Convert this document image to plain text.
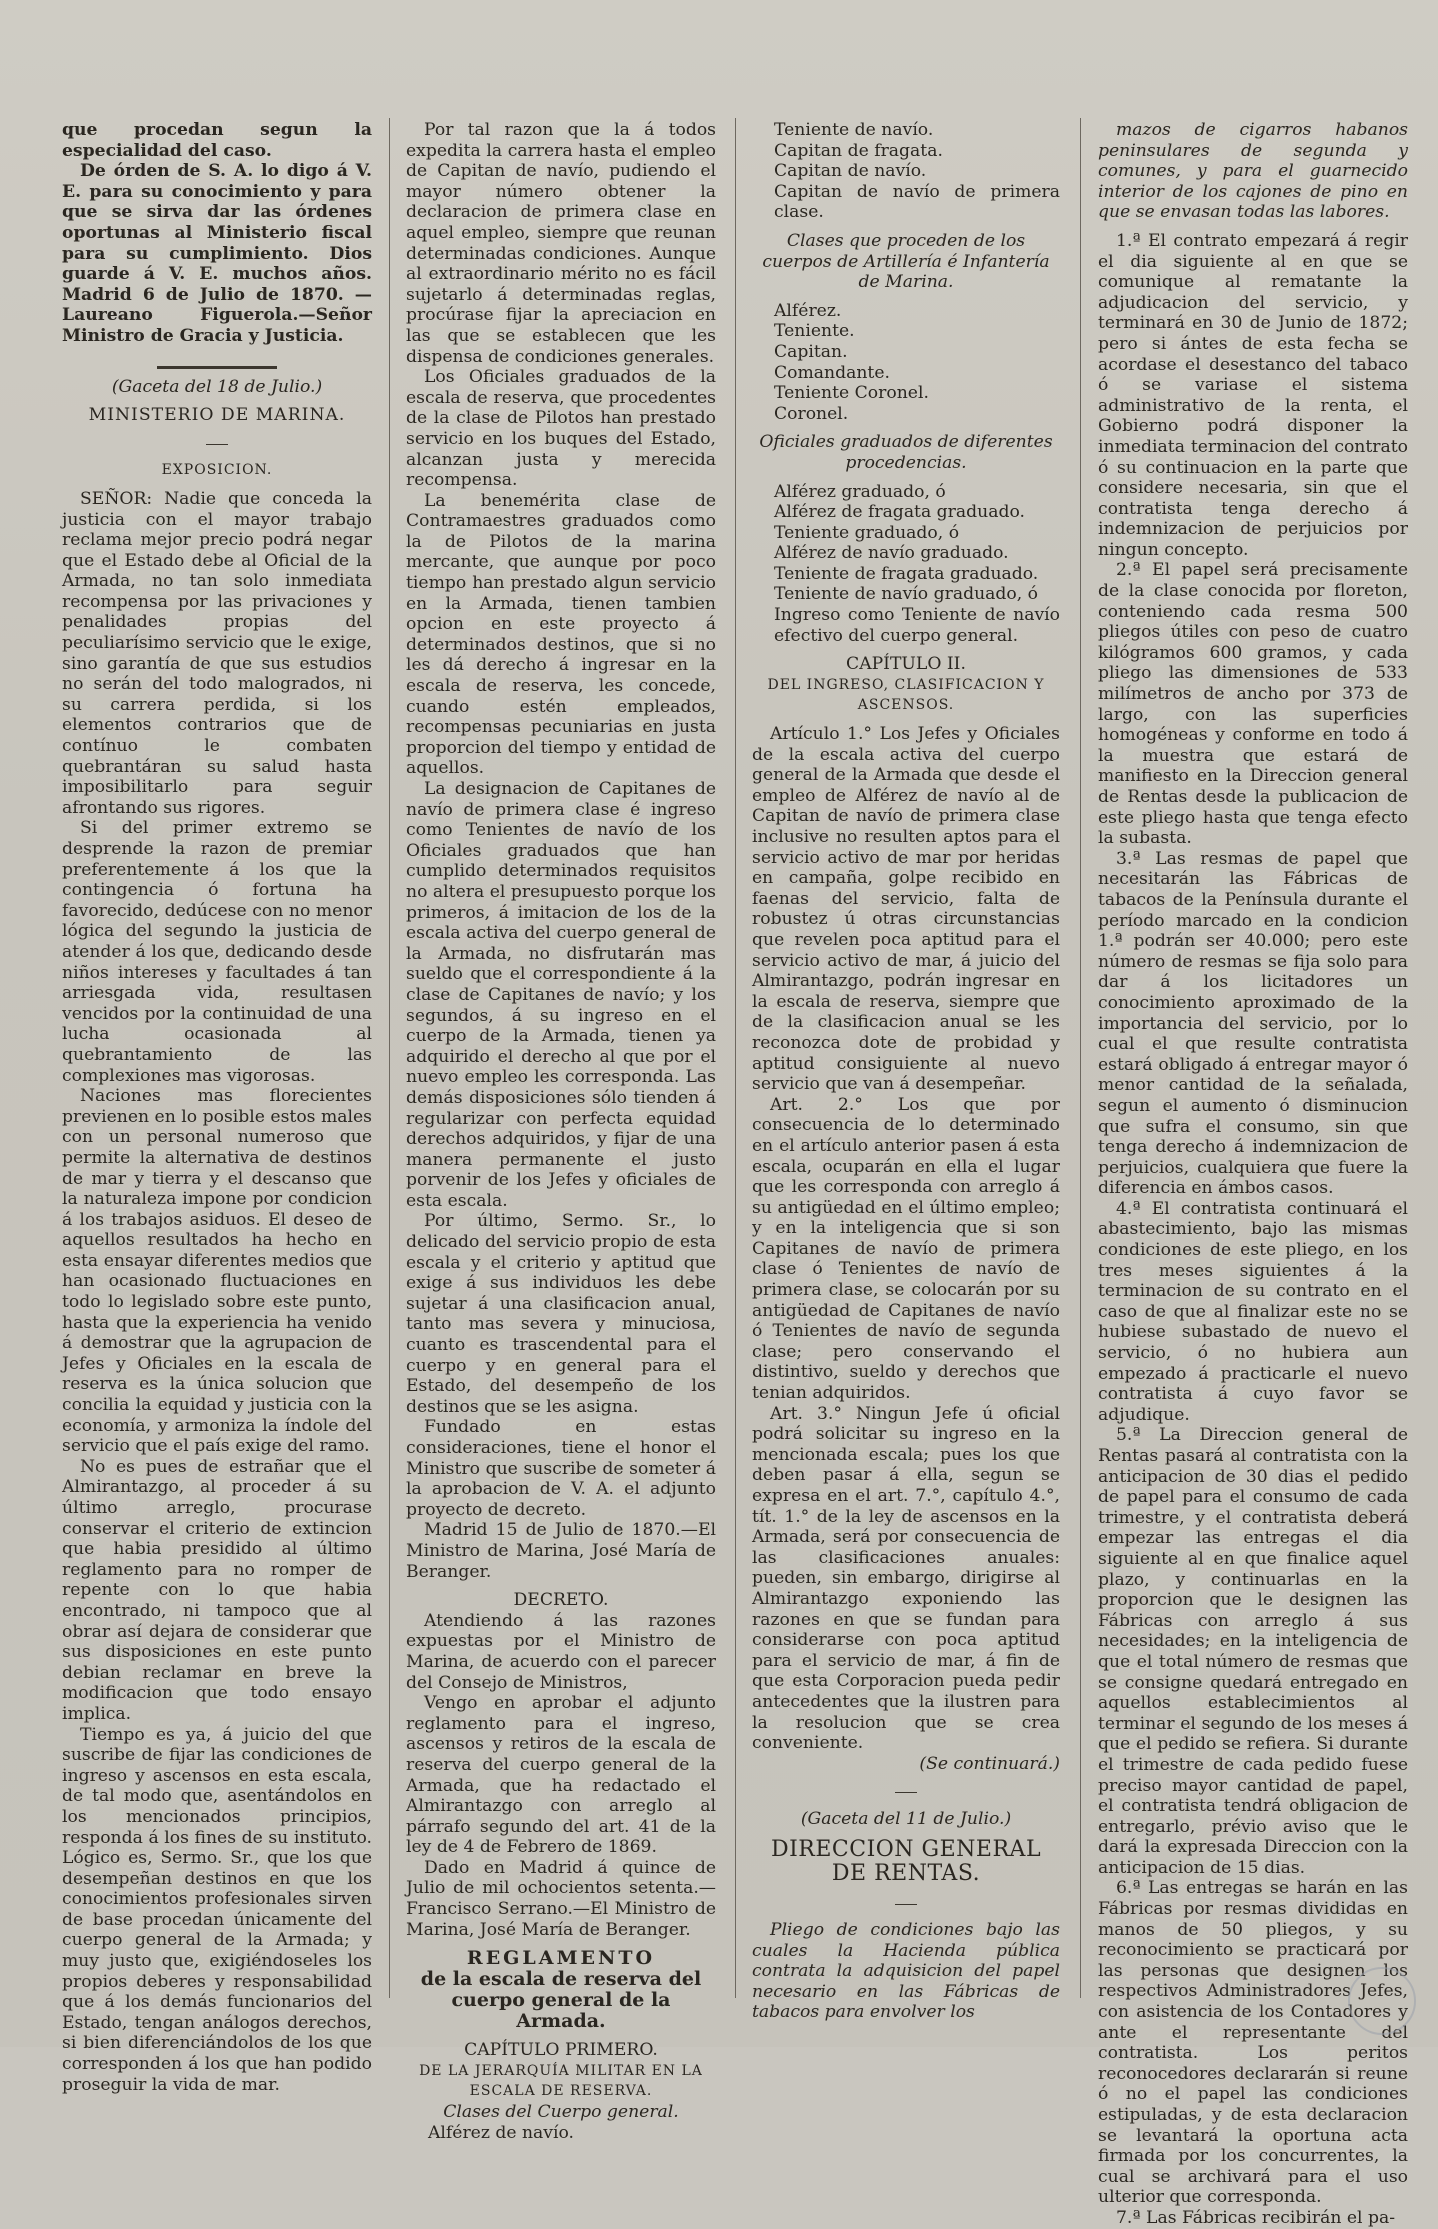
que procedan segun la especialidad del caso.

De órden de S. A. lo digo á V. E. para su conocimiento y para que se sirva dar las órdenes oportunas al Ministerio fiscal para su cumplimiento. Dios guarde á V. E. muchos años. Madrid 6 de Julio de 1870. —Laureano Figuerola.—Señor Ministro de Gracia y Justicia.

(Gaceta del 18 de Julio.)

MINISTERIO DE MARINA.

EXPOSICION.

SEÑOR: Nadie que conceda la justicia con el mayor trabajo reclama mejor precio podrá negar que el Estado debe al Oficial de la Armada, no tan solo inmediata recompensa por las privaciones y penalidades propias del peculiarísimo servicio que le exige, sino garantía de que sus estudios no serán del todo malogrados, ni su carrera perdida, si los elementos contrarios que de contínuo le combaten quebrantáran su salud hasta imposibilitarlo para seguir afrontando sus rigores.

Si del primer extremo se desprende la razon de premiar preferentemente á los que la contingencia ó fortuna ha favorecido, dedúcese con no menor lógica del segundo la justicia de atender á los que, dedicando desde niños intereses y facultades á tan arriesgada vida, resultasen vencidos por la continuidad de una lucha ocasionada al quebrantamiento de las complexiones mas vigorosas.

Naciones mas florecientes previenen en lo posible estos males con un personal numeroso que permite la alternativa de destinos de mar y tierra y el descanso que la naturaleza impone por condicion á los trabajos asiduos. El deseo de aquellos resultados ha hecho en esta ensayar diferentes medios que han ocasionado fluctuaciones en todo lo legislado sobre este punto, hasta que la experiencia ha venido á demostrar que la agrupacion de Jefes y Oficiales en la escala de reserva es la única solucion que concilia la equidad y justicia con la economía, y armoniza la índole del servicio que el país exige del ramo.

No es pues de estrañar que el Almirantazgo, al proceder á su último arreglo, procurase conservar el criterio de extincion que habia presidido al último reglamento para no romper de repente con lo que habia encontrado, ni tampoco que al obrar así dejara de considerar que sus disposiciones en este punto debian reclamar en breve la modificacion que todo ensayo implica.

Tiempo es ya, á juicio del que suscribe de fijar las condiciones de ingreso y ascensos en esta escala, de tal modo que, asentándolos en los mencionados principios, responda á los fines de su instituto. Lógico es, Sermo. Sr., que los que desempeñan destinos en que los conocimientos profesionales sirven de base procedan únicamente del cuerpo general de la Armada; y muy justo que, exigiéndoseles los propios deberes y responsabilidad que á los demás funcionarios del Estado, tengan análogos derechos, si bien diferenciándolos de los que corresponden á los que han podido proseguir la vida de mar.

Por tal razon que la á todos expedita la carrera hasta el empleo de Capitan de navío, pudiendo el mayor número obtener la declaracion de primera clase en aquel empleo, siempre que reunan determinadas condiciones. Aunque al extraordinario mérito no es fácil sujetarlo á determinadas reglas, procúrase fijar la apreciacion en las que se establecen que les dispensa de condiciones generales.

Los Oficiales graduados de la escala de reserva, que procedentes de la clase de Pilotos han prestado servicio en los buques del Estado, alcanzan justa y merecida recompensa.

La benemérita clase de Contramaestres graduados como la de Pilotos de la marina mercante, que aunque por poco tiempo han prestado algun servicio en la Armada, tienen tambien opcion en este proyecto á determinados destinos, que si no les dá derecho á ingresar en la escala de reserva, les concede, cuando estén empleados, recompensas pecuniarias en justa proporcion del tiempo y entidad de aquellos.

La designacion de Capitanes de navío de primera clase é ingreso como Tenientes de navío de los Oficiales graduados que han cumplido determinados requisitos no altera el presupuesto porque los primeros, á imitacion de los de la escala activa del cuerpo general de la Armada, no disfrutarán mas sueldo que el correspondiente á la clase de Capitanes de navío; y los segundos, á su ingreso en el cuerpo de la Armada, tienen ya adquirido el derecho al que por el nuevo empleo les corresponda. Las demás disposiciones sólo tienden á regularizar con perfecta equidad derechos adquiridos, y fijar de una manera permanente el justo porvenir de los Jefes y oficiales de esta escala.

Por último, Sermo. Sr., lo delicado del servicio propio de esta escala y el criterio y aptitud que exige á sus individuos les debe sujetar á una clasificacion anual, tanto mas severa y minuciosa, cuanto es trascendental para el cuerpo y en general para el Estado, del desempeño de los destinos que se les asigna.

Fundado en estas consideraciones, tiene el honor el Ministro que suscribe de someter á la aprobacion de V. A. el adjunto proyecto de decreto.

Madrid 15 de Julio de 1870.—El Ministro de Marina, José María de Beranger.

DECRETO.

Atendiendo á las razones expuestas por el Ministro de Marina, de acuerdo con el parecer del Consejo de Ministros,

Vengo en aprobar el adjunto reglamento para el ingreso, ascensos y retiros de la escala de reserva del cuerpo general de la Armada, que ha redactado el Almirantazgo con arreglo al párrafo segundo del art. 41 de la ley de 4 de Febrero de 1869.

Dado en Madrid á quince de Julio de mil ochocientos setenta.—Francisco Serrano.—El Ministro de Marina, José María de Beranger.

REGLAMENTO

de la escala de reserva del cuerpo general de la Armada.

CAPÍTULO PRIMERO.

DE LA JERARQUÍA MILITAR EN LA ESCALA DE RESERVA.

Clases del Cuerpo general.

Alférez de navío.

Teniente de navío.

Capitan de fragata.

Capitan de navío.

Capitan de navío de primera clase.

Clases que proceden de los cuerpos de Artillería é Infantería de Marina.

Alférez.

Teniente.

Capitan.

Comandante.

Teniente Coronel.

Coronel.

Oficiales graduados de diferentes procedencias.

Alférez graduado, ó

Alférez de fragata graduado.

Teniente graduado, ó

Alférez de navío graduado.

Teniente de fragata graduado.

Teniente de navío graduado, ó

Ingreso como Teniente de navío efectivo del cuerpo general.

CAPÍTULO II.

DEL INGRESO, CLASIFICACION Y ASCENSOS.

Artículo 1.° Los Jefes y Oficiales de la escala activa del cuerpo general de la Armada que desde el empleo de Alférez de navío al de Capitan de navío de primera clase inclusive no resulten aptos para el servicio activo de mar por heridas en campaña, golpe recibido en faenas del servicio, falta de robustez ú otras circunstancias que revelen poca aptitud para el servicio activo de mar, á juicio del Almirantazgo, podrán ingresar en la escala de reserva, siempre que de la clasificacion anual se les reconozca dote de probidad y aptitud consiguiente al nuevo servicio que van á desempeñar.

Art. 2.° Los que por consecuencia de lo determinado en el artículo anterior pasen á esta escala, ocuparán en ella el lugar que les corresponda con arreglo á su antigüedad en el último empleo; y en la inteligencia que si son Capitanes de navío de primera clase ó Tenientes de navío de primera clase, se colocarán por su antigüedad de Capitanes de navío ó Tenientes de navío de segunda clase; pero conservando el distintivo, sueldo y derechos que tenian adquiridos.

Art. 3.° Ningun Jefe ú oficial podrá solicitar su ingreso en la mencionada escala; pues los que deben pasar á ella, segun se expresa en el art. 7.°, capítulo 4.°, tít. 1.° de la ley de ascensos en la Armada, será por consecuencia de las clasificaciones anuales: pueden, sin embargo, dirigirse al Almirantazgo exponiendo las razones en que se fundan para considerarse con poca aptitud para el servicio de mar, á fin de que esta Corporacion pueda pedir antecedentes que la ilustren para la resolucion que se crea conveniente.

(Se continuará.)

(Gaceta del 11 de Julio.)

DIRECCION GENERAL DE RENTAS.

Pliego de condiciones bajo las cuales la Hacienda pública contrata la adquisicion del papel necesario en las Fábricas de tabacos para envolver los

mazos de cigarros habanos peninsulares de segunda y comunes, y para el guarnecido interior de los cajones de pino en que se envasan todas las labores.

1.ª El contrato empezará á regir el dia siguiente al en que se comunique al rematante la adjudicacion del servicio, y terminará en 30 de Junio de 1872; pero si ántes de esta fecha se acordase el desestanco del tabaco ó se variase el sistema administrativo de la renta, el Gobierno podrá disponer la inmediata terminacion del contrato ó su continuacion en la parte que considere necesaria, sin que el contratista tenga derecho á indemnizacion de perjuicios por ningun concepto.

2.ª El papel será precisamente de la clase conocida por floreton, conteniendo cada resma 500 pliegos útiles con peso de cuatro kilógramos 600 gramos, y cada pliego las dimensiones de 533 milímetros de ancho por 373 de largo, con las superficies homogéneas y conforme en todo á la muestra que estará de manifiesto en la Direccion general de Rentas desde la publicacion de este pliego hasta que tenga efecto la subasta.

3.ª Las resmas de papel que necesitarán las Fábricas de tabacos de la Península durante el período marcado en la condicion 1.ª podrán ser 40.000; pero este número de resmas se fija solo para dar á los licitadores un conocimiento aproximado de la importancia del servicio, por lo cual el que resulte contratista estará obligado á entregar mayor ó menor cantidad de la señalada, segun el aumento ó disminucion que sufra el consumo, sin que tenga derecho á indemnizacion de perjuicios, cualquiera que fuere la diferencia en ámbos casos.

4.ª El contratista continuará el abastecimiento, bajo las mismas condiciones de este pliego, en los tres meses siguientes á la terminacion de su contrato en el caso de que al finalizar este no se hubiese subastado de nuevo el servicio, ó no hubiera aun empezado á practicarle el nuevo contratista á cuyo favor se adjudique.

5.ª La Direccion general de Rentas pasará al contratista con la anticipacion de 30 dias el pedido de papel para el consumo de cada trimestre, y el contratista deberá empezar las entregas el dia siguiente al en que finalice aquel plazo, y continuarlas en la proporcion que le designen las Fábricas con arreglo á sus necesidades; en la inteligencia de que el total número de resmas que se consigne quedará entregado en aquellos establecimientos al terminar el segundo de los meses á que el pedido se refiera. Si durante el trimestre de cada pedido fuese preciso mayor cantidad de papel, el contratista tendrá obligacion de entregarlo, prévio aviso que le dará la expresada Direccion con la anticipacion de 15 dias.

6.ª Las entregas se harán en las Fábricas por resmas divididas en manos de 50 pliegos, y su reconocimiento se practicará por las personas que designen los respectivos Administradores Jefes, con asistencia de los Contadores y ante el representante del contratista. Los peritos reconocedores declararán si reune ó no el papel las condiciones estipuladas, y de esta declaracion se levantará la oportuna acta firmada por los concurrentes, la cual se archivará para el uso ulterior que corresponda.

7.ª Las Fábricas recibirán el pa-
